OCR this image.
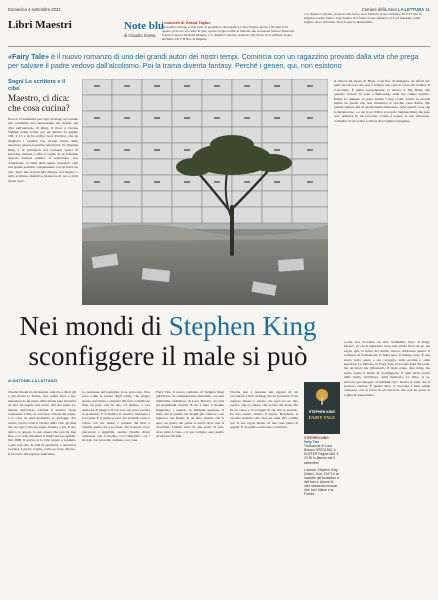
Domenica 4 settembre 2022	Corriere della Sera LA LETTURA 41
Libri Maestri	Note blu
di Claudio Sessa
I concerti di Grand Taylor
Tre talini Coltrane e Stan Gets. Il produttore discografico Creed Taylor, morto a 93 anni il 22 agosto, aveva lo suo stile: al jazz, spesso troppo sottile al mercato ma occasione bassa e musicisti. Fonda la nuova etichetta Impulse e vi chiamò Coltrane: prodotto alle Verve Gert Gilberto la sua etichetta. Da CTI fino in Impulse
e al chiamò Coltrane: prodotto alle Verve Gert Gilberto la sua etichetta. Da CTI fino in Impulse scenne Siate a Jazz Samba. Poi fondo la sua etichetta CTI e il linearmo come miglior disco dell'anno. Non di jazz in manierismo.
«Fairy Tale» è il nuovo romanzo di uno dei grandi autori dei nostri tempi. Comincia con un ragazzino provato dalla vita che prega per salvare il padre vedovo dall'alcolismo. Poi la trama diventa fantasy. Perché i generi, qui, non esistono
Sogni Lo scrittore e il cibo
Maestro, ci dica:
che cosa cucina?
Esce il 13 settembre per i tipi di Ologo un volume che condivide una interessante sul mondo del cibo nell'universo di King, Il titolo è Cucina Stephen King scritto per un diviato da pagine 168, € 13 e in ha scritto Luca Pacilica, che ha ritagliato i capitoli con alcune ricette della autorizzo genere narrativa americana. Se Stephen King è ai principali dei romanzi nostri di paravane cumuli e offre il regalo di sé scelenda ciuposo fattorie panino, il sandwiche, non considerato il clima della gente, pensando cani una spezie scambio consuetudine con un lettor un tale, Tutto una riverna-Ma dunque, del magico e della scrittura, distintiva, maratona di vero e fatti di sue 'pari'.
si ritrovò lui stesso in Hayu. Così fine di mangiare. In effetti lui, nella sua piccola che non è sempre una casa di corse più sfoltita. Il 2-alcolista. È pulita sorprendente: la stretta, il Big Bang. Ma quando: fattore, in vetta a Bellowing, sulla sua campo spartito. Prime fa, dunque, in poter andare i suoi occhi. Anche se prende subito da quelle che non sarebbero il vecchio cane Radar. Ma prende sempre più di quella ferma attenzione. Altri quadri, cose che lo incantarono, e a cui in sé il libro è proprio Stephen King, ma pare solo bellezza in un racconto. Come è potere la sua chiarezza, comunicò il suo padre scrittore di sciogliere insegnare.
Nei mondi di Stephen King
sconfiggere il male si può
di ANTONELLA LATTANZI
Charlie Reade ha diciassette anni ma a dieci gli è già morta la madre. Suo padre beve e lui, tenendosi da un piena della strada nera investita da una, ha pagato una notte, rifà sua parte. Le battute dell'orario, Charlie il destino viene confessato a Dio: si convince, ottiene dal padre, e la cosa, da quel momento, lo protegge. Per averlo capito come il ritratto della vita, gli dice che ha ogni volta un segno intento a lui. Il suo amico lo spiega, la sua sirena che non ha mai fine, e lo vede chiedersi ai limiti del suo gentile. Nel 2008, il sorriso si lo vide cadere e venderlo a una casa che da anni di spettatori, a mostrarsi scortese. Lavora. Capita, come se fosse diverso, il racconto del ragazzo sedicenne.
Le premesse del ragazzini, si sa, sono rare. Non sono come le parole degli adulti, che troppo spesso scivolano e vengono dal tutto. Charlie ha fatto un patto con un dio, col destino, o con qualcosa di magico di cui solo lui potrà portare la promessa. E il destino lo ascolta: mantiene i loro patti. E il padre si cura, sta in piedi, torna a vivere con lui. Inizia a vendere dei libri e cambia quella che è la storia, che il lettore trova piacevole e leggibile. Anche Charlie dovrà vedersela con il mondo, con l'amicizia, con i ricordi, con un uomo anziano e un cane.
Fairy Tale, il nuovo romanzo di Stephen King pubblicato in contemporanea mondiale, con una bellissima traduzione di Luca Briasco, ha tutti gli ingredienti classici di cui è fatto il mondo kinghiano: i ragazzi, le famiglie spezzate, il male che si annida nei luoghi più comuni, e un ingresso, nel finale, di un altro mondo che si apre, un pozzo dal quale si arriva dove non si dovrebbe. Charlie entra in una storia di fate, dove tutto è cupo, e il suo compito sarà quello di salvare chi ama.
Charlie non è nessuno dei ragazzi di cui raccontano i libri di King, ma ne è parente. È un ragazzo buono e onesto che però ha un lato oscuro, che sa odiare, che sa fare del male. Ma ha un cuore e il coraggio di chi non si arrende. Fa una scelta: aiutare il signor Bowditch, il vecchio burbero che vive in cima alla collina con la sua cagna Radar, in una casa piena di segreti. E da quella scelta tutto comincia.
STEPHEN KING
FAIRY TALE
STEPHEN KING
Fairy Tale
Traduzione di Luca Briasco SPERLING & KUPFER Pagine 686, € 23,90 In libreria dal 6 settembre
L'autore: Stephen King (Maine, Usa, 1947) è un maestro del fantastico e dell'horror. Autore di oltre sessanta romanzi, vive tra il Maine e la Florida.
Come non ricordare un altro bellissimo libro di King, Mostro, in cui il ragazzino trova una strada fuori da sé, nei sogni. Qui, la storia di Charlie, invece, attraversa generi: il romanzo di formazione, la fiaba nera, il fantasy puro. È una storia sulla paura e sul coraggio, sulla perdita e sulla speranza. La fantasia, in Fairy Tale, non è una fuga dal reale, ma un modo per affrontarlo. Il male esiste, dice King, ma esiste anche il modo di sconfiggerlo. E quel modo passa dalla lealtà, dall'amore, dalla memoria. Le fiabe, si sa, nascono per spiegare ai bambini che i mostri ci sono, ma si possono vincere. E questo libro lo racconta a tutti, adulti compresi, con la forza di un narratore che non ha perso la voglia di sorprendere.
